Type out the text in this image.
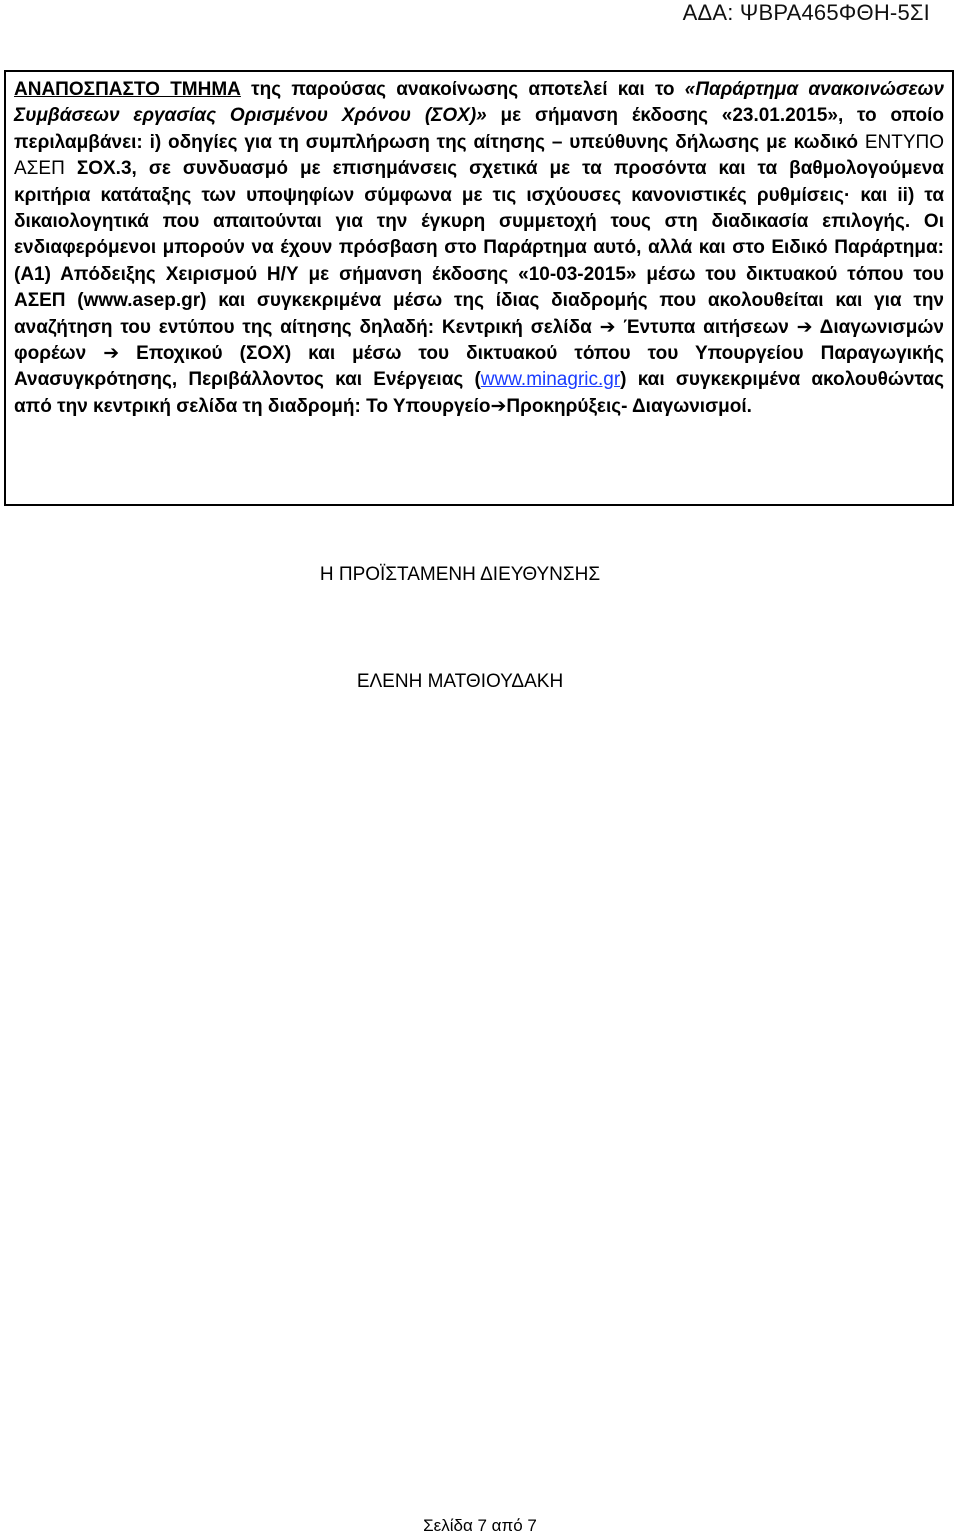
ΑΔΑ: ΨΒΡΑ465ΦΘΗ-5ΣΙ

ΑΝΑΠΟΣΠΑΣΤΟ ΤΜΗΜΑ της παρούσας ανακοίνωσης αποτελεί και το «Παράρτημα ανακοινώσεων Συμβάσεων εργασίας Ορισμένου Χρόνου (ΣΟΧ)» με σήμανση έκδοσης «23.01.2015», το οποίο περιλαμβάνει: i) οδηγίες για τη συμπλήρωση της αίτησης – υπεύθυνης δήλωσης με κωδικό ΕΝΤΥΠΟ ΑΣΕΠ ΣΟΧ.3, σε συνδυασμό με επισημάνσεις σχετικά με τα προσόντα και τα βαθμολογούμενα κριτήρια κατάταξης των υποψηφίων σύμφωνα με τις ισχύουσες κανονιστικές ρυθμίσεις· και ii) τα δικαιολογητικά που απαιτούνται για την έγκυρη συμμετοχή τους στη διαδικασία επιλογής. Οι ενδιαφερόμενοι μπορούν να έχουν πρόσβαση στο Παράρτημα αυτό, αλλά και στο Ειδικό Παράρτημα: (Α1) Απόδειξης Χειρισμού Η/Υ με σήμανση έκδοσης «10-03-2015» μέσω του δικτυακού τόπου του ΑΣΕΠ (www.asep.gr) και συγκεκριμένα μέσω της ίδιας διαδρομής που ακολουθείται και για την αναζήτηση του εντύπου της αίτησης δηλαδή: Κεντρική σελίδα ➔ Έντυπα αιτήσεων ➔ Διαγωνισμών φορέων ➔ Εποχικού (ΣΟΧ) και μέσω του δικτυακού τόπου του Υπουργείου Παραγωγικής Ανασυγκρότησης, Περιβάλλοντος και Ενέργειας (www.minagric.gr) και συγκεκριμένα ακολουθώντας από την κεντρική σελίδα τη διαδρομή: Το Υπουργείο➔Προκηρύξεις- Διαγωνισμοί.

Η ΠΡΟΪΣΤΑΜΕΝΗ ΔΙΕΥΘΥΝΣΗΣ
ΕΛΕΝΗ ΜΑΤΘΙΟΥΔΑΚΗ
Σελίδα 7 από 7
